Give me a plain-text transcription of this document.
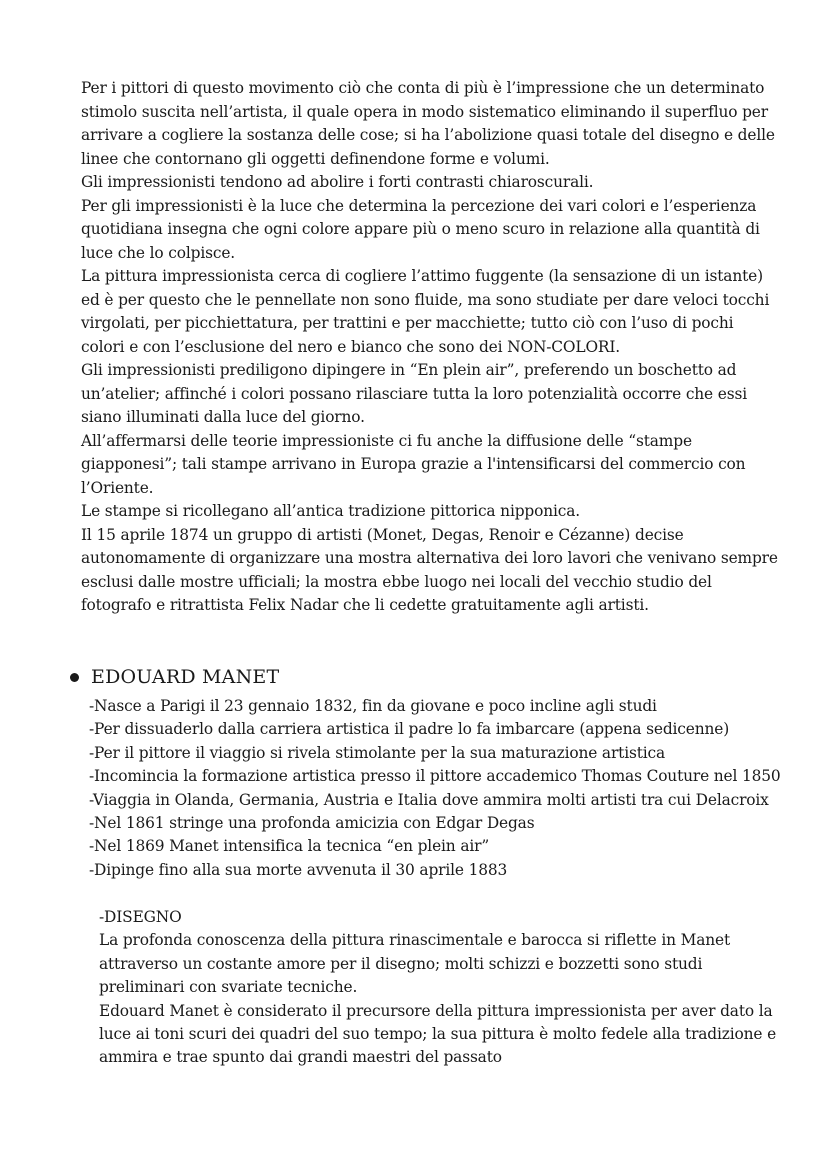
Per i pittori di questo movimento ciò che conta di più è l’impressione che un determinato stimolo suscita nell’artista, il quale opera in modo sistematico eliminando il superfluo per arrivare a cogliere la sostanza delle cose; si ha l’abolizione quasi totale del disegno e delle linee che contornano gli oggetti definendone forme e volumi.

Gli impressionisti tendono ad abolire i forti contrasti chiaroscurali.

Per gli impressionisti è la luce che determina la percezione dei vari colori e l’esperienza quotidiana insegna che ogni colore appare più o meno scuro in relazione alla quantità di luce che lo colpisce.

La pittura impressionista cerca di cogliere l’attimo fuggente (la sensazione di un istante) ed è per questo che le pennellate non sono fluide, ma sono studiate per dare veloci tocchi virgolati, per picchiettatura, per trattini e per macchiette; tutto ciò con l’uso di pochi colori e con l’esclusione del nero e bianco che sono dei NON-COLORI.

Gli impressionisti prediligono dipingere in “En plein air”, preferendo un boschetto ad un’atelier; affinché i colori possano rilasciare tutta la loro potenzialità occorre che essi siano illuminati dalla luce del giorno.

All’affermarsi delle teorie impressioniste ci fu anche la diffusione delle “stampe giapponesi”; tali stampe arrivano in Europa grazie a l'intensificarsi del commercio con l’Oriente.

Le stampe si ricollegano all’antica tradizione pittorica nipponica.

Il 15 aprile 1874 un gruppo di artisti (Monet, Degas, Renoir e Cézanne) decise autonomamente di organizzare una mostra alternativa dei loro lavori che venivano sempre esclusi dalle mostre ufficiali; la mostra ebbe luogo nei locali del vecchio studio del fotografo e ritrattista Felix Nadar che li cedette gratuitamente agli artisti.

EDOUARD MANET
-Nasce a Parigi il 23 gennaio 1832, fin da giovane e poco incline agli studi
-Per dissuaderlo dalla carriera artistica il padre lo fa imbarcare (appena sedicenne)
-Per il pittore il viaggio si rivela stimolante per la sua maturazione artistica
-Incomincia la formazione artistica presso il pittore accademico Thomas Couture nel 1850
-Viaggia in Olanda, Germania, Austria e Italia dove ammira molti artisti tra cui Delacroix
-Nel 1861 stringe una profonda amicizia con Edgar Degas
-Nel 1869 Manet intensifica la tecnica “en plein air”
-Dipinge fino alla sua morte avvenuta il 30 aprile 1883

-DISEGNO

La profonda conoscenza della pittura rinascimentale e barocca si riflette in Manet attraverso un costante amore per il disegno; molti schizzi e bozzetti sono studi preliminari con svariate tecniche.

Edouard Manet è considerato il precursore della pittura impressionista per aver dato la luce ai toni scuri dei quadri del suo tempo; la sua pittura è molto fedele alla tradizione e ammira e trae spunto dai grandi maestri del passato
